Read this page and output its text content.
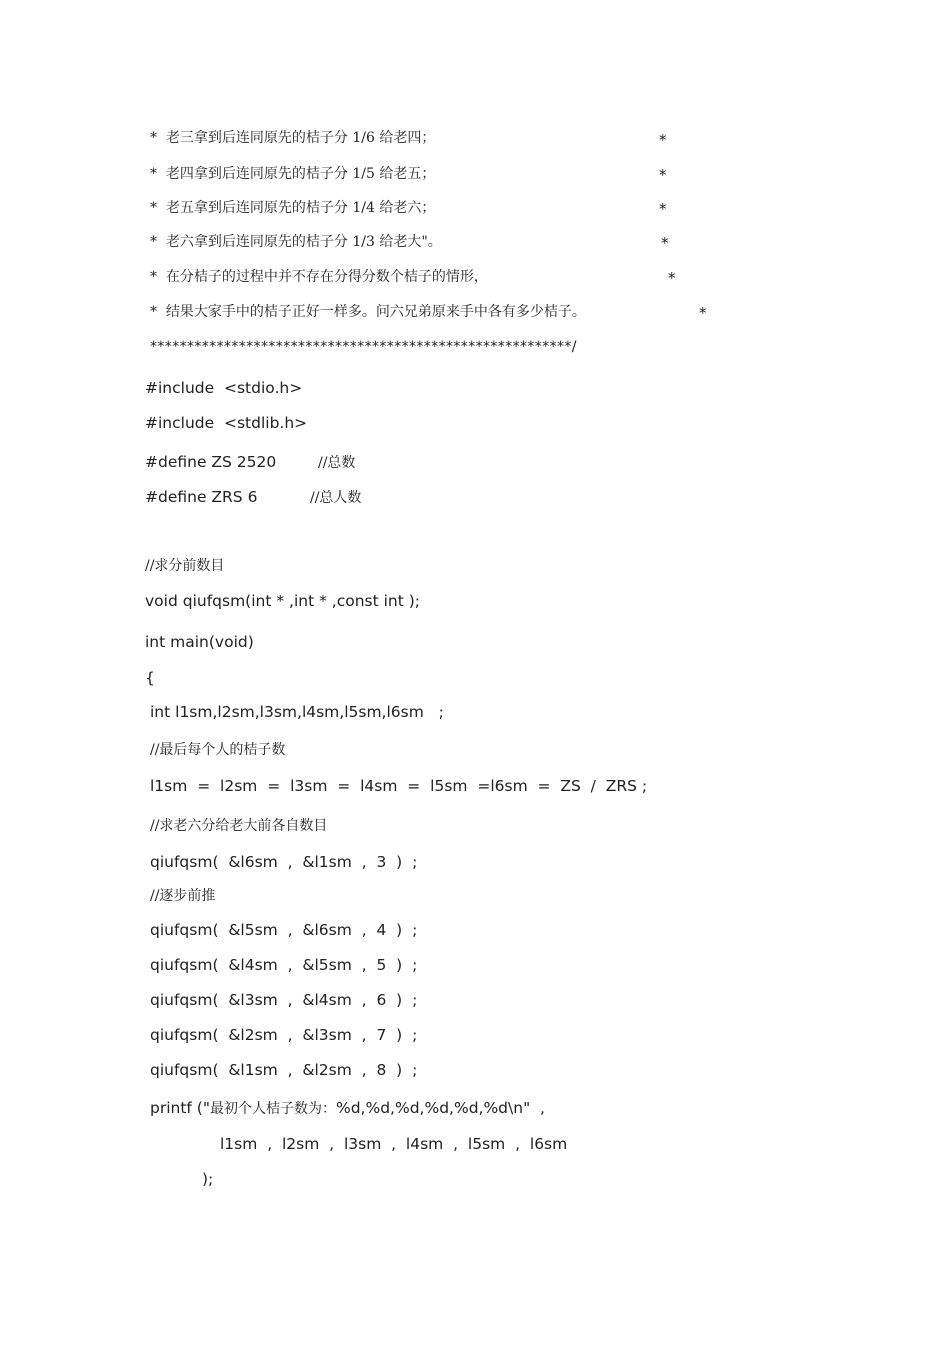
*  老三拿到后连同原先的桔子分 1/6 给老四；	*
*  老四拿到后连同原先的桔子分 1/5 给老五；	*
*  老五拿到后连同原先的桔子分 1/4 给老六；	*
*  老六拿到后连同原先的桔子分 1/3 给老大"。	*
*  在分桔子的过程中并不存在分得分数个桔子的情形，	*
*  结果大家手中的桔子正好一样多。问六兄弟原来手中各有多少桔子。	*
*********************************************************/
#include  <stdio.h>
#include  <stdlib.h>
#define ZS 2520	//总数
#define ZRS 6	//总人数
//求分前数目
void qiufqsm(int * ,int * ,const int );
int main(void)
{
int l1sm,l2sm,l3sm,l4sm,l5sm,l6sm   ;
//最后每个人的桔子数
l1sm  =  l2sm  =  l3sm  =  l4sm  =  l5sm  =l6sm  =  ZS  /  ZRS ;
//求老六分给老大前各自数目
qiufqsm(  &l6sm  ,  &l1sm  ,  3  )  ;
//逐步前推
qiufqsm(  &l5sm  ,  &l6sm  ,  4  )  ;
qiufqsm(  &l4sm  ,  &l5sm  ,  5  )  ;
qiufqsm(  &l3sm  ,  &l4sm  ,  6  )  ;
qiufqsm(  &l2sm  ,  &l3sm  ,  7  )  ;
qiufqsm(  &l1sm  ,  &l2sm  ,  8  )  ;
printf ("最初个人桔子数为：%d,%d,%d,%d,%d,%d\n"  ,
l1sm  ,  l2sm  ,  l3sm  ,  l4sm  ,  l5sm  ,  l6sm
);
